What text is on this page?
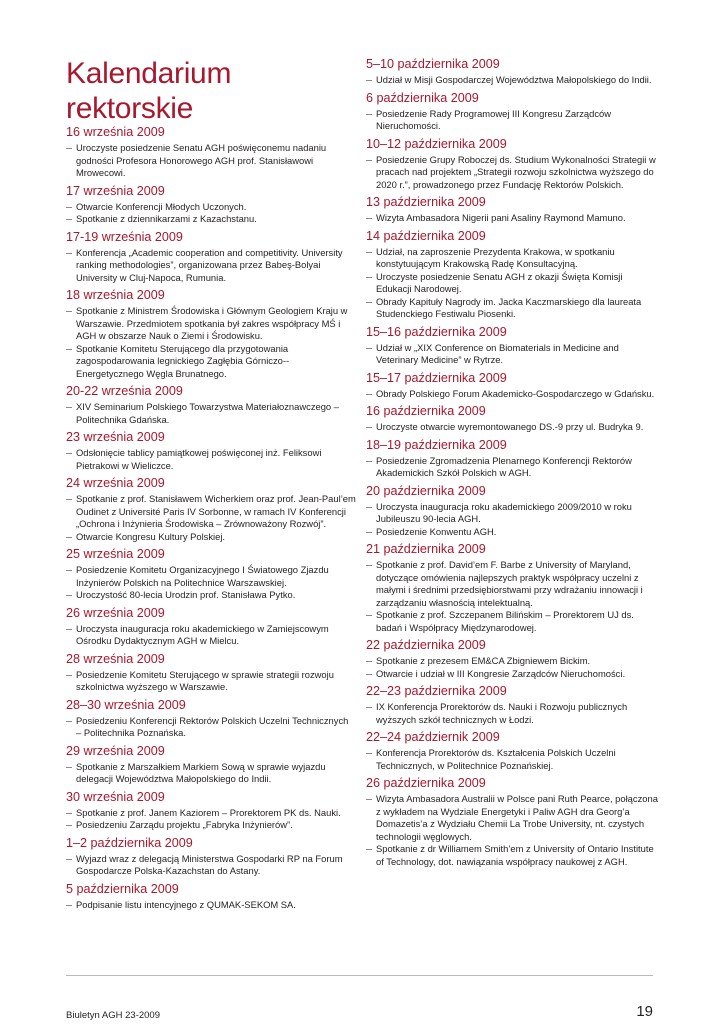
Kalendarium
rektorskie
16 września 2009
Uroczyste posiedzenie Senatu AGH poświęconemu nadaniu godności Profesora Honorowego AGH prof. Stanisławowi Mrowecowi.
17 września 2009
Otwarcie Konferencji Młodych Uczonych.
Spotkanie z dziennikarzami z Kazachstanu.
17-19 września 2009
Konferencja „Academic cooperation and competitivity. University ranking methodologies”, organizowana przez Babeş-Bolyai University w Cluj-Napoca, Rumunia.
18 września 2009
Spotkanie z Ministrem Środowiska i Głównym Geologiem Kraju w Warszawie. Przedmiotem spotkania był zakres współpracy MŚ i AGH w obszarze Nauk o Ziemi i Środowisku.
Spotkanie Komitetu Sterującego dla przygotowania zagospodarowania legnickiego Zagłębia Górniczo--Energetycznego Węgla Brunatnego.
20-22 września 2009
XIV Seminarium Polskiego Towarzystwa Materiałoznawczego – Politechnika Gdańska.
23 września 2009
Odsłonięcie tablicy pamiątkowej poświęconej inż. Feliksowi Pietrakowi w Wieliczce.
24 września 2009
Spotkanie z prof. Stanisławem Wicherkiem oraz prof. Jean-Paul’em Oudinet z Université Paris IV Sorbonne, w ramach IV Konferencji „Ochrona i Inżynieria Środowiska – Zrównoważony Rozwój”.
Otwarcie Kongresu Kultury Polskiej.
25 września 2009
Posiedzenie Komitetu Organizacyjnego I Światowego Zjazdu Inżynierów Polskich na Politechnice Warszawskiej.
Uroczystość 80-lecia Urodzin prof. Stanisława Pytko.
26 września 2009
Uroczysta inauguracja roku akademickiego w Zamiejscowym Ośrodku Dydaktycznym AGH w Mielcu.
28 września 2009
Posiedzenie Komitetu Sterującego w sprawie strategii rozwoju szkolnictwa wyższego w Warszawie.
28–30 września 2009
Posiedzeniu Konferencji Rektorów Polskich Uczelni Technicznych – Politechnika Poznańska.
29 września 2009
Spotkanie z Marszałkiem Markiem Sową w sprawie wyjazdu delegacji Województwa Małopolskiego do Indii.
30 września 2009
Spotkanie z prof. Janem Kaziorem – Prorektorem PK ds. Nauki.
Posiedzeniu Zarządu projektu „Fabryka Inżynierów”.
1–2 października 2009
Wyjazd wraz z delegacją Ministerstwa Gospodarki RP na Forum Gospodarcze Polska-Kazachstan do Astany.
5 października 2009
Podpisanie listu intencyjnego z QUMAK-SEKOM SA.
5–10 października 2009
Udział w Misji Gospodarczej Województwa Małopolskiego do Indii.
6 października 2009
Posiedzenie Rady Programowej III Kongresu Zarządców Nieruchomości.
10–12 października 2009
Posiedzenie Grupy Roboczej ds. Studium Wykonalności Strategii w pracach nad projektem „Strategii rozwoju szkolnictwa wyższego do 2020 r.”, prowadzonego przez Fundację Rektorów Polskich.
13 października 2009
Wizyta Ambasadora Nigerii pani Asaliny Raymond Mamuno.
14 października 2009
Udział, na zaproszenie Prezydenta Krakowa, w spotkaniu konstytuującym Krakowską Radę Konsultacyjną.
Uroczyste posiedzenie Senatu AGH z okazji Święta Komisji Edukacji Narodowej.
Obrady Kapituły Nagrody im. Jacka Kaczmarskiego dla laureata Studenckiego Festiwalu Piosenki.
15–16 października 2009
Udział w „XIX Conference on Biomaterials in Medicine and Veterinary Medicine” w Rytrze.
15–17 października 2009
Obrady Polskiego Forum Akademicko-Gospodarczego w Gdańsku.
16 października 2009
Uroczyste otwarcie wyremontowanego DS.-9 przy ul. Budryka 9.
18–19 października 2009
Posiedzenie Zgromadzenia Plenarnego Konferencji Rektorów Akademickich Szkół Polskich w AGH.
20 października 2009
Uroczysta inauguracja roku akademickiego 2009/2010 w roku Jubileuszu 90-lecia AGH.
Posiedzenie Konwentu AGH.
21 października 2009
Spotkanie z prof. David’em F. Barbe z University of Maryland, dotyczące omówienia najlepszych praktyk współpracy uczelni z małymi i średnimi przedsiębiorstwami przy wdrażaniu innowacji i zarządzaniu własnością intelektualną.
Spotkanie z prof. Szczepanem Bilińskim – Prorektorem UJ ds. badań i Współpracy Międzynarodowej.
22 października 2009
Spotkanie z prezesem EM&CA Zbigniewem Bickim.
Otwarcie i udział w III Kongresie Zarządców Nieruchomości.
22–23 października 2009
IX Konferencja Prorektorów ds. Nauki i Rozwoju publicznych wyższych szkół technicznych w Łodzi.
22–24 październik 2009
Konferencja Prorektorów ds. Kształcenia Polskich Uczelni Technicznych, w Politechnice Poznańskiej.
26 października 2009
Wizyta Ambasadora Australii w Polsce pani Ruth Pearce, połączona z wykładem na Wydziale Energetyki i Paliw AGH dra Georg’a Domazetis’a z Wydziału Chemii La Trobe University, nt. czystych technologii węglowych.
Spotkanie z dr Williamem Smith’em z University of Ontario Institute of Technology, dot. nawiązania współpracy naukowej z AGH.
Biuletyn AGH 23-2009	19
